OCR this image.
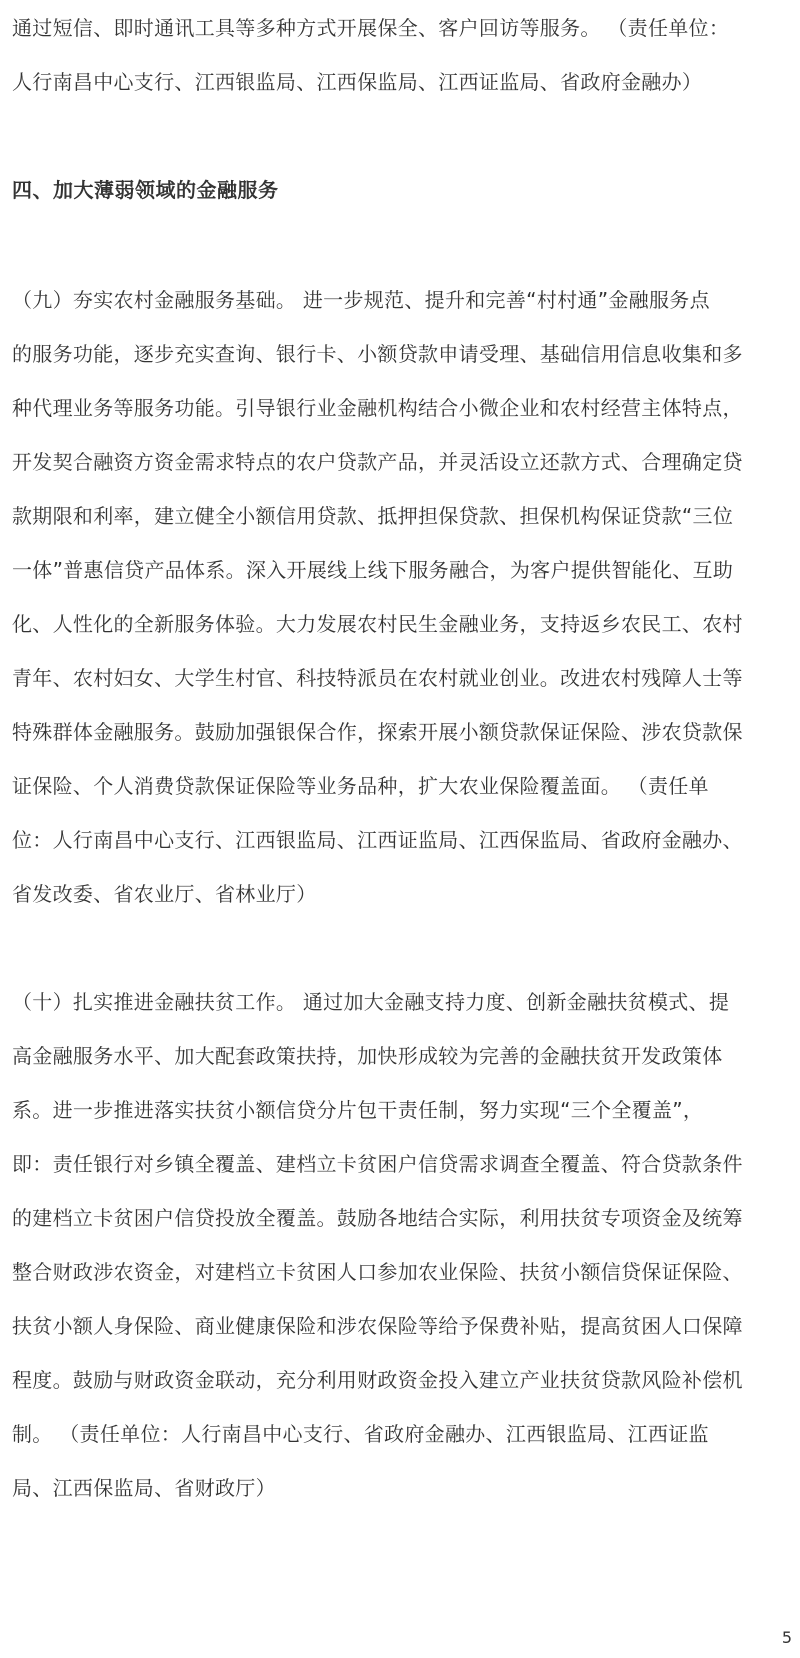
通过短信、即时通讯工具等多种方式开展保全、客户回访等服务。 （责任单位：
人行南昌中心支行、江西银监局、江西保监局、江西证监局、省政府金融办）
四、加大薄弱领域的金融服务
（九）夯实农村金融服务基础。 进一步规范、提升和完善“村村通”金融服务点
的服务功能，逐步充实查询、银行卡、小额贷款申请受理、基础信用信息收集和多
种代理业务等服务功能。引导银行业金融机构结合小微企业和农村经营主体特点，
开发契合融资方资金需求特点的农户贷款产品，并灵活设立还款方式、合理确定贷
款期限和利率，建立健全小额信用贷款、抵押担保贷款、担保机构保证贷款“三位
一体”普惠信贷产品体系。深入开展线上线下服务融合，为客户提供智能化、互助
化、人性化的全新服务体验。大力发展农村民生金融业务，支持返乡农民工、农村
青年、农村妇女、大学生村官、科技特派员在农村就业创业。改进农村残障人士等
特殊群体金融服务。鼓励加强银保合作，探索开展小额贷款保证保险、涉农贷款保
证保险、个人消费贷款保证保险等业务品种，扩大农业保险覆盖面。 （责任单
位：人行南昌中心支行、江西银监局、江西证监局、江西保监局、省政府金融办、
省发改委、省农业厅、省林业厅）
（十）扎实推进金融扶贫工作。 通过加大金融支持力度、创新金融扶贫模式、提
高金融服务水平、加大配套政策扶持，加快形成较为完善的金融扶贫开发政策体
系。进一步推进落实扶贫小额信贷分片包干责任制，努力实现“三个全覆盖”，
即：责任银行对乡镇全覆盖、建档立卡贫困户信贷需求调查全覆盖、符合贷款条件
的建档立卡贫困户信贷投放全覆盖。鼓励各地结合实际，利用扶贫专项资金及统筹
整合财政涉农资金，对建档立卡贫困人口参加农业保险、扶贫小额信贷保证保险、
扶贫小额人身保险、商业健康保险和涉农保险等给予保费补贴，提高贫困人口保障
程度。鼓励与财政资金联动，充分利用财政资金投入建立产业扶贫贷款风险补偿机
制。 （责任单位：人行南昌中心支行、省政府金融办、江西银监局、江西证监
局、江西保监局、省财政厅）
5
